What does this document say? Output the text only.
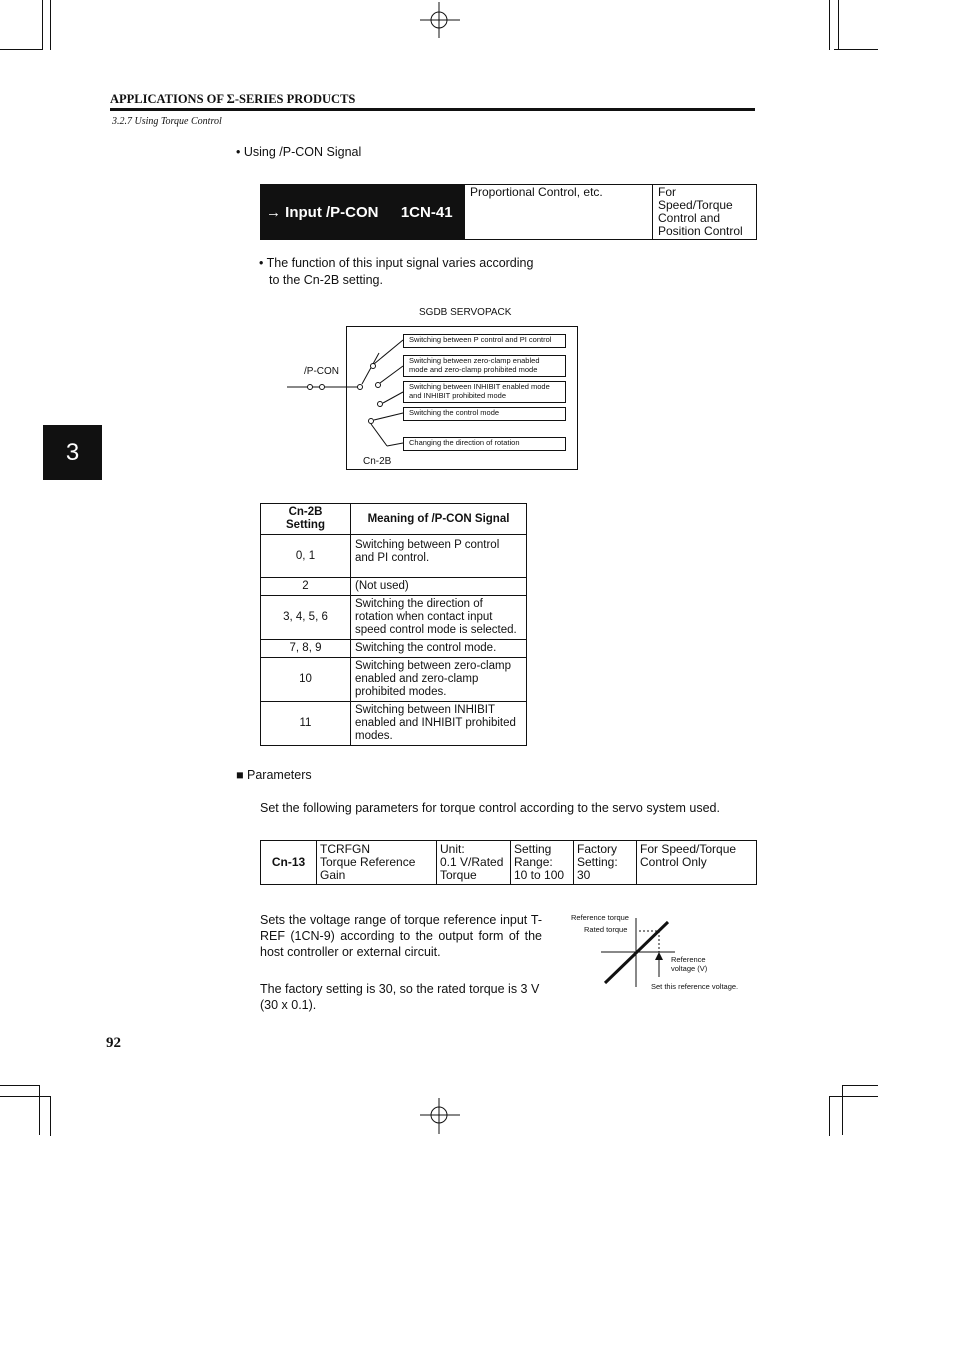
APPLICATIONS OF Σ-SERIES PRODUCTS
3.2.7 Using Torque Control
3
• Using /P-CON Signal
→ Input /P-CON 1CN-41	Proportional Control, etc.	For Speed/Torque
Control and
Position Control
• The function of this input signal varies according
to the Cn-2B setting.
SGDB SERVOPACK
/P-CON
Cn-2B
Switching between P control and PI control
Switching between zero-clamp enabled
mode and zero-clamp prohibited mode
Switching between INHIBIT enabled mode
and INHIBIT prohibited mode
Switching the control mode
Changing the direction of rotation
Cn-2B
Setting	Meaning of /P-CON Signal
0, 1	Switching between P control
and PI control.
2	(Not used)
3, 4, 5, 6	Switching the direction of
rotation when contact input
speed control mode is selected.
7, 8, 9	Switching the control mode.
10	Switching between zero-clamp
enabled and zero-clamp
prohibited modes.
11	Switching between INHIBIT
enabled and INHIBIT prohibited
modes.
■ Parameters
Set the following parameters for torque control according to the servo system used.
Cn-13	TCRFGN
Torque Reference
Gain	Unit:
0.1 V/Rated
Torque	Setting
Range:
10 to 100	Factory
Setting:
30	For Speed/Torque
Control Only
Sets the voltage range of torque reference input T-REF (1CN-9) according to the output form of the host controller or external circuit.
The factory setting is 30, so the rated torque is 3 V (30 x 0.1).
Reference torque
Rated torque
Reference
voltage (V)
Set this reference voltage.
92
